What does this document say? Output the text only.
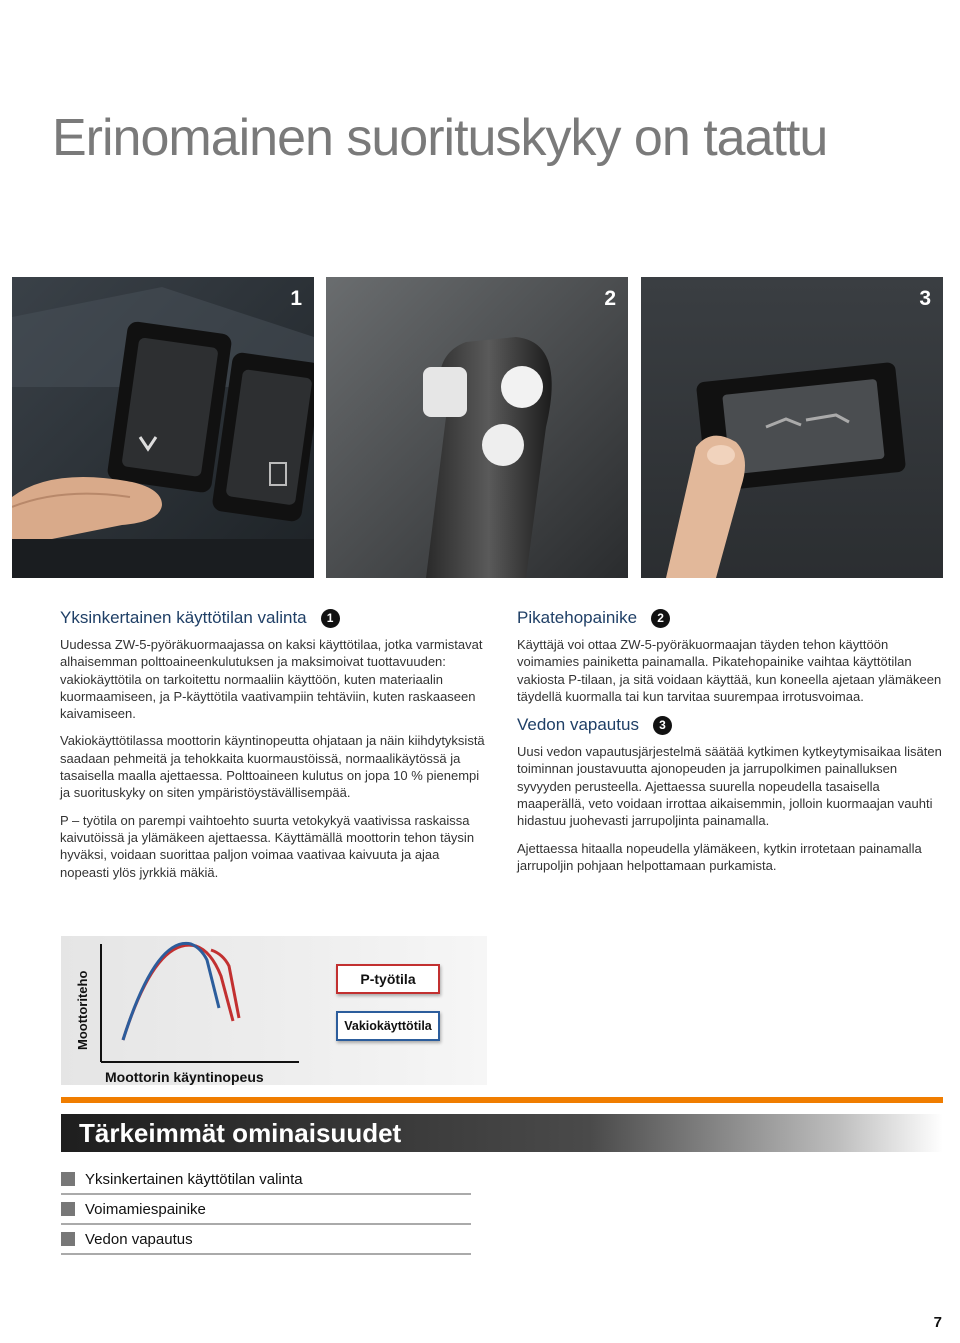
Erinomainen suorituskyky on taattu
1	2	3
Yksinkertainen käyttötilan valinta	1

Uudessa ZW-5-pyöräkuormaajassa on kaksi käyttötilaa, jotka varmistavat alhaisemman polttoaineenkulutuksen ja maksimoivat tuottavuuden: vakiokäyttötila on tarkoitettu normaaliin käyttöön, kuten materiaalin kuormaamiseen, ja P-käyttötila vaativampiin tehtäviin, kuten raskaaseen kaivamiseen.

Vakiokäyttötilassa moottorin käyntinopeutta ohjataan ja näin kiihdytyksistä saadaan pehmeitä ja tehokkaita kuormaustöissä, normaalikäytössä ja tasaisella maalla ajettaessa. Polttoaineen kulutus on jopa 10 % pienempi ja suorituskyky on siten ympäristöystävällisempää.

P – työtila on parempi vaihtoehto suurta vetokykyä vaativissa raskaissa kaivutöissä ja ylämäkeen ajettaessa. Käyttämällä moottorin tehon täysin hyväksi, voidaan suorittaa paljon voimaa vaativaa kaivuuta ja ajaa nopeasti ylös jyrkkiä mäkiä.

Pikatehopainike	2

Käyttäjä voi ottaa ZW-5-pyöräkuormaajan täyden tehon käyttöön voimamies painiketta painamalla. Pikatehopainike vaihtaa käyttötilan vakiosta P-tilaan, ja sitä voidaan käyttää, kun koneella ajetaan ylämäkeen täydellä kuormalla tai kun tarvitaa suurempaa irrotusvoimaa.

Vedon vapautus	3

Uusi vedon vapautusjärjestelmä säätää kytkimen kytkeytymisaikaa lisäten toiminnan joustavuutta ajonopeuden ja jarrupolkimen painalluksen syvyyden perusteella. Ajettaessa suurella nopeudella tasaisella maaperällä, veto voidaan irrottaa aikaisemmin, jolloin kuormaajan vauhti hidastuu juohevasti jarrupoljinta painamalla.

Ajettaessa hitaalla nopeudella ylämäkeen, kytkin irrotetaan painamalla jarrupoljin pohjaan helpottamaan purkamista.

Moottoriteho
Moottorin käyntinopeus
P-työtila
Vakiokäyttötila
Tärkeimmät ominaisuudet
Yksinkertainen käyttötilan valinta
Voimamiespainike
Vedon vapautus
7
